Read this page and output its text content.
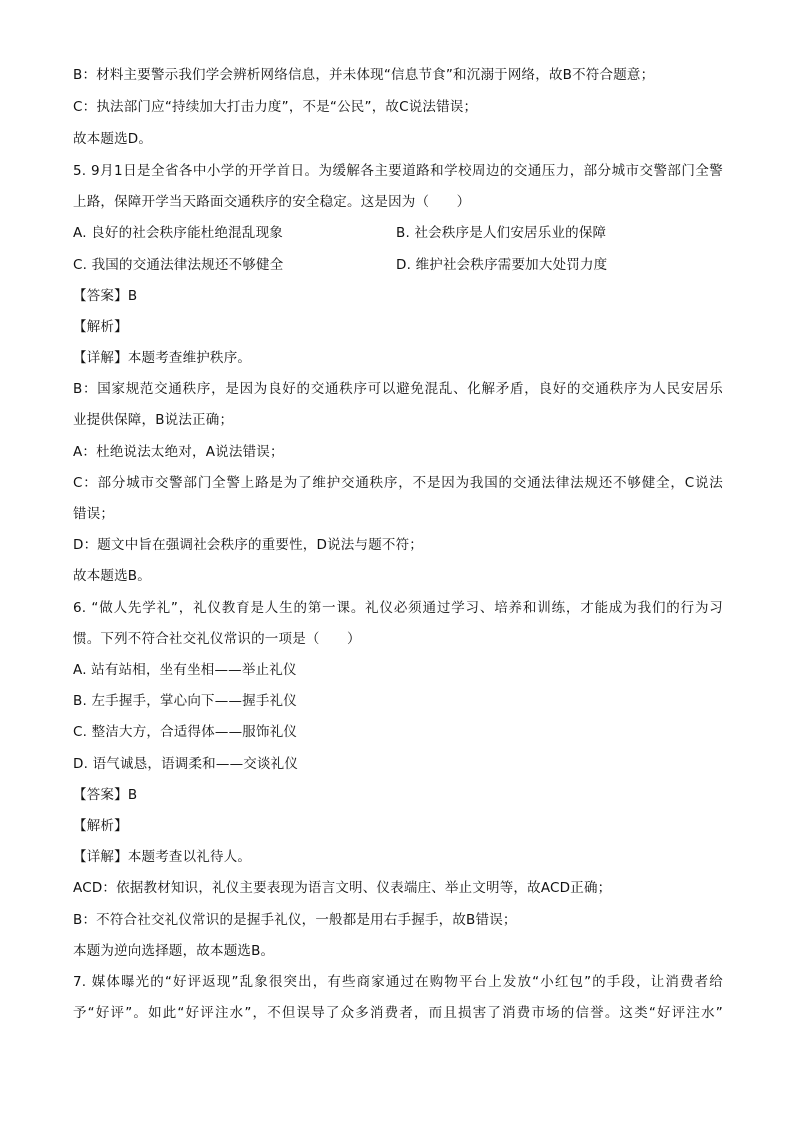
B：材料主要警示我们学会辨析网络信息，并未体现“信息节食”和沉溺于网络，故B不符合题意；
C：执法部门应“持续加大打击力度”，不是“公民”，故C说法错误；
故本题选D。
5. 9月1日是全省各中小学的开学首日。为缓解各主要道路和学校周边的交通压力，部分城市交警部门全警
上路，保障开学当天路面交通秩序的安全稳定。这是因为（　　）
A. 良好的社会秩序能杜绝混乱现象	B. 社会秩序是人们安居乐业的保障
C. 我国的交通法律法规还不够健全	D. 维护社会秩序需要加大处罚力度
【 答案 】 B
【 解析 】
【 详解 】 本题考查维护秩序。
B：国家规范交通秩序，是因为良好的交通秩序可以避免混乱、化解矛盾，良好的交通秩序为人民安居乐
业提供保障，B说法正确；
A：杜绝说法太绝对，A说法错误；
C：部分城市交警部门全警上路是为了维护交通秩序，不是因为我国的交通法律法规还不够健全，C说法
错误；
D：题文中旨在强调社会秩序的重要性，D说法与题不符；
故本题选B。
6. “做人先学礼”，礼仪教育是人生的第一课。礼仪必须通过学习、培养和训练，才能成为我们的行为习
惯。下列不符合社交礼仪常识的一项是（　　）
A. 站有站相，坐有坐相——举止礼仪
B. 左手握手，掌心向下——握手礼仪
C. 整洁大方，合适得体——服饰礼仪
D. 语气诚恳，语调柔和——交谈礼仪
【 答案 】 B
【 解析 】
【 详解 】 本题考查以礼待人。
ACD：依据教材知识，礼仪主要表现为语言文明、仪表端庄、举止文明等，故ACD正确；
B：不符合社交礼仪常识的是握手礼仪，一般都是用右手握手，故B错误；
本题为逆向选择题，故本题选B。
7. 媒体曝光的“好评返现”乱象很突出，有些商家通过在购物平台上发放“小红包”的手段，让消费者给
予“好评”。如此“好评注水”，不但误导了众多消费者，而且损害了消费市场的信誉。这类“好评注水”
